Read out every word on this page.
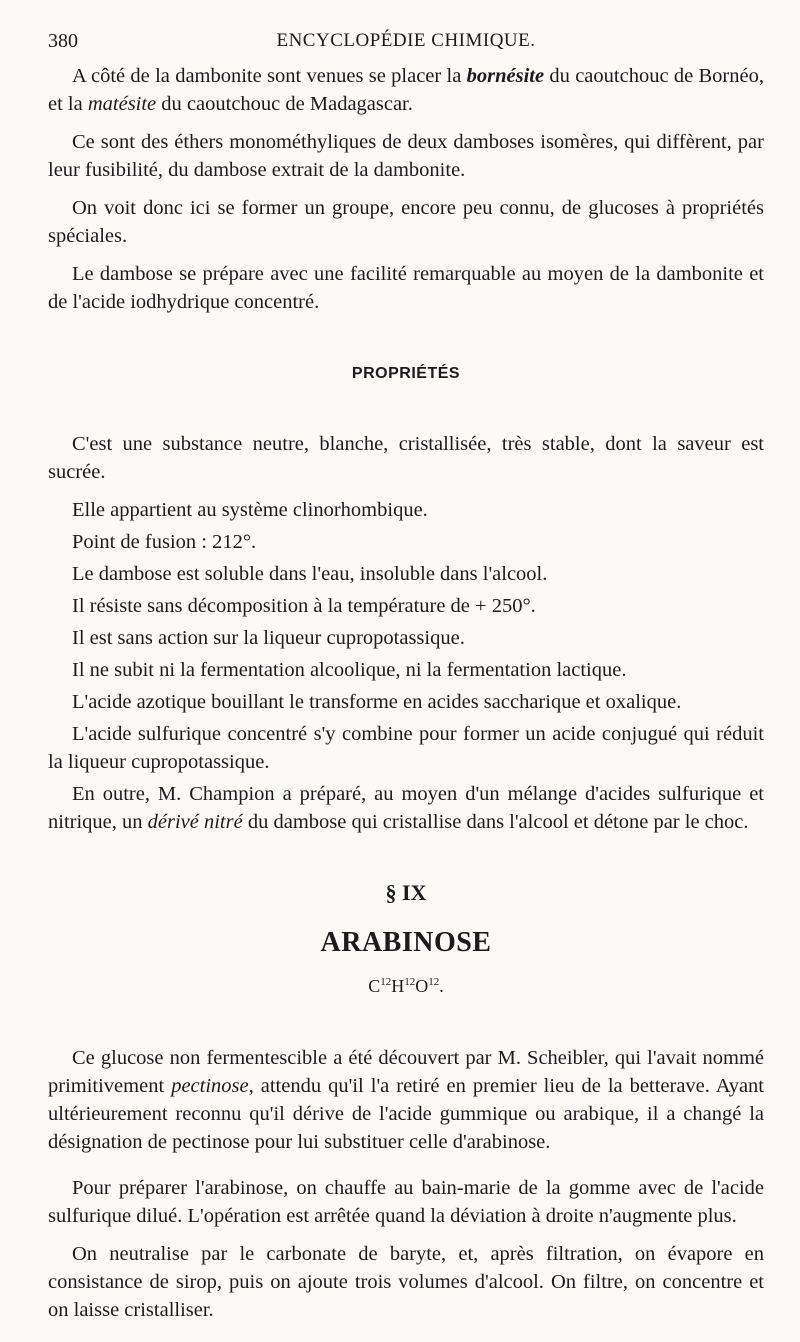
380	ENCYCLOPÉDIE CHIMIQUE.

A côté de la dambonite sont venues se placer la bornésite du caoutchouc de Bornéo, et la matésite du caoutchouc de Madagascar.

Ce sont des éthers monométhyliques de deux damboses isomères, qui diffèrent, par leur fusibilité, du dambose extrait de la dambonite.

On voit donc ici se former un groupe, encore peu connu, de glucoses à propriétés spéciales.

Le dambose se prépare avec une facilité remarquable au moyen de la dambonite et de l'acide iodhydrique concentré.

PROPRIÉTÉS

C'est une substance neutre, blanche, cristallisée, très stable, dont la saveur est sucrée.

Elle appartient au système clinorhombique.

Point de fusion : 212°.

Le dambose est soluble dans l'eau, insoluble dans l'alcool.

Il résiste sans décomposition à la température de + 250°.

Il est sans action sur la liqueur cupropotassique.

Il ne subit ni la fermentation alcoolique, ni la fermentation lactique.

L'acide azotique bouillant le transforme en acides saccharique et oxalique.

L'acide sulfurique concentré s'y combine pour former un acide conjugué qui réduit la liqueur cupropotassique.

En outre, M. Champion a préparé, au moyen d'un mélange d'acides sulfurique et nitrique, un dérivé nitré du dambose qui cristallise dans l'alcool et détone par le choc.

§ IX
ARABINOSE
$C^{12}H^{12}O^{12}$.

Ce glucose non fermentescible a été découvert par M. Scheibler, qui l'avait nommé primitivement pectinose, attendu qu'il l'a retiré en premier lieu de la betterave. Ayant ultérieurement reconnu qu'il dérive de l'acide gummique ou arabique, il a changé la désignation de pectinose pour lui substituer celle d'arabinose.

Pour préparer l'arabinose, on chauffe au bain-marie de la gomme avec de l'acide sulfurique dilué. L'opération est arrêtée quand la déviation à droite n'augmente plus.

On neutralise par le carbonate de baryte, et, après filtration, on évapore en consistance de sirop, puis on ajoute trois volumes d'alcool. On filtre, on concentre et on laisse cristalliser.
